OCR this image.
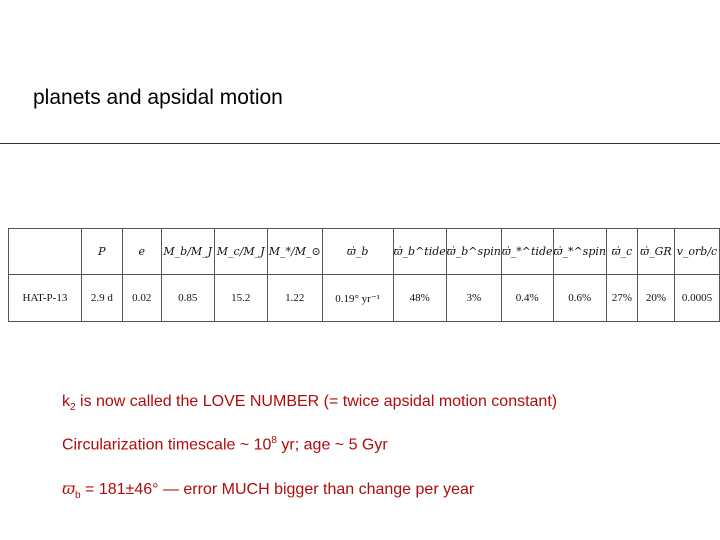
planets and apsidal motion
	P	e	M_b/M_J	M_c/M_J	M_*/M_⊙	ϖ̇_b	ϖ̇_b^tide	ϖ̇_b^spin	ϖ̇_*^tide	ϖ̇_*^spin	ϖ̇_c	ϖ̇_GR	v_orb/c
HAT-P-13	2.9 d	0.02	0.85	15.2	1.22	0.19° yr⁻¹	48%	3%	0.4%	0.6%	27%	20%	0.0005
$k_2$ is now called the LOVE NUMBER (= twice apsidal motion constant)
Circularization timescale ~ $10^8$ yr; age ~ 5 Gyr
$ϖ_b = 181\pm 46^\circ$ — error MUCH bigger than change per year
